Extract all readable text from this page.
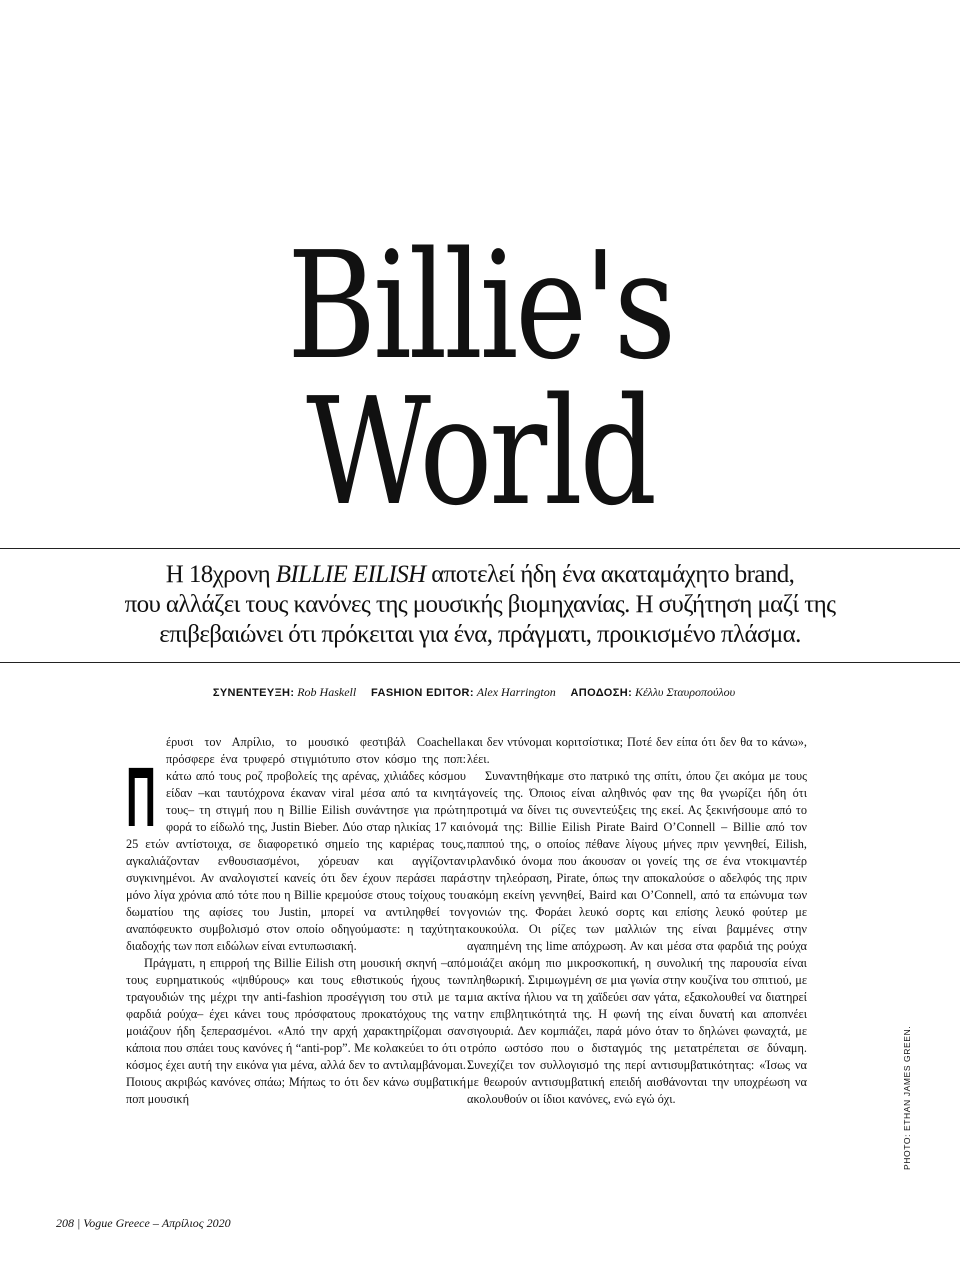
Billie's
World
Η 18χρονη BILLIE EILISH αποτελεί ήδη ένα ακαταμάχητο brand,
που αλλάζει τους κανόνες της μουσικής βιομηχανίας. Η συζήτηση μαζί της
επιβεβαιώνει ότι πρόκειται για ένα, πράγματι, προικισμένο πλάσμα.
ΣΥΝΕΝΤΕΥΞΗ: Rob Haskell FASHION EDITOR: Alex Harrington ΑΠΟΔΟΣΗ: Κέλλυ Σταυροπούλου
Π

έρυσι τον Απρίλιο, το μουσικό φεστιβάλ Coachella πρόσφερε ένα τρυφερό στιγμιότυπο στον κόσμο της ποπ: κάτω από τους ροζ προβολείς της αρένας, χιλιάδες κόσμου είδαν –και ταυτόχρονα έκαναν viral μέσα από τα κινητά τους– τη στιγμή που η Billie Eilish συνάντησε για πρώτη φορά το είδωλό της, Justin Bieber. Δύο σταρ ηλικίας 17 και 25 ετών αντίστοιχα, σε διαφορετικό σημείο της καριέρας τους, αγκαλιάζονταν ενθουσιασμένοι, χόρευαν και αγγίζονταν συγκινημένοι. Αν αναλογιστεί κανείς ότι δεν έχουν περάσει παρά μόνο λίγα χρόνια από τότε που η Billie κρεμούσε στους τοίχους του δωματίου της αφίσες του Justin, μπορεί να αντιληφθεί τον αναπόφευκτο συμβολισμό στον οποίο οδηγούμαστε: η ταχύτητα διαδοχής των ποπ ειδώλων είναι εντυπωσιακή.

Πράγματι, η επιρροή της Billie Eilish στη μουσική σκηνή –από τους ευρηματικούς «ψιθύρους» και τους εθιστικούς ήχους των τραγουδιών της μέχρι την anti-fashion προσέγγιση του στιλ με τα φαρδιά ρούχα– έχει κάνει τους πρόσφατους προκατόχους της να μοιάζουν ήδη ξεπερασμένοι. «Από την αρχή χαρακτηρίζομαι σαν κάποια που σπάει τους κανόνες ή “anti-pop”. Με κολακεύει το ότι ο κόσμος έχει αυτή την εικόνα για μένα, αλλά δεν το αντιλαμβάνομαι. Ποιους ακριβώς κανόνες σπάω; Μήπως το ότι δεν κάνω συμβατική ποπ μουσική

και δεν ντύνομαι κοριτσίστικα; Ποτέ δεν είπα ότι δεν θα το κάνω», λέει.

Συναντηθήκαμε στο πατρικό της σπίτι, όπου ζει ακόμα με τους γονείς της. Όποιος είναι αληθινός φαν της θα γνωρίζει ήδη ότι προτιμά να δίνει τις συνεντεύξεις της εκεί. Ας ξεκινήσουμε από το όνομά της: Billie Eilish Pirate Baird O’Connell – Billie από τον παππού της, ο οποίος πέθανε λίγους μήνες πριν γεννηθεί, Eilish, ιρλανδικό όνομα που άκουσαν οι γονείς της σε ένα ντοκιμαντέρ στην τηλεόραση, Pirate, όπως την αποκαλούσε ο αδελφός της πριν ακόμη εκείνη γεννηθεί, Baird και O’Connell, από τα επώνυμα των γονιών της. Φοράει λευκό σορτς και επίσης λευκό φούτερ με κουκούλα. Οι ρίζες των μαλλιών της είναι βαμμένες στην αγαπημένη της lime απόχρωση. Αν και μέσα στα φαρδιά της ρούχα μοιάζει ακόμη πιο μικροσκοπική, η συνολική της παρουσία είναι πληθωρική. Σιριμωγμένη σε μια γωνία στην κουζίνα του σπιτιού, με μια ακτίνα ήλιου να τη χαϊδεύει σαν γάτα, εξακολουθεί να διατηρεί την επιβλητικότητά της. Η φωνή της είναι δυνατή και αποπνέει σιγουριά. Δεν κομπιάζει, παρά μόνο όταν το δηλώνει φωναχτά, με τρόπο ωστόσο που ο δισταγμός της μετατρέπεται σε δύναμη. Συνεχίζει τον συλλογισμό της περί αντισυμβατικότητας: «Ίσως να με θεωρούν αντισυμβατική επειδή αισθάνονται την υποχρέωση να ακολουθούν οι ίδιοι κανόνες, ενώ εγώ όχι.	PHOTO: ETHAN JAMES GREEN.
208 | Vogue Greece – Απρίλιος 2020
